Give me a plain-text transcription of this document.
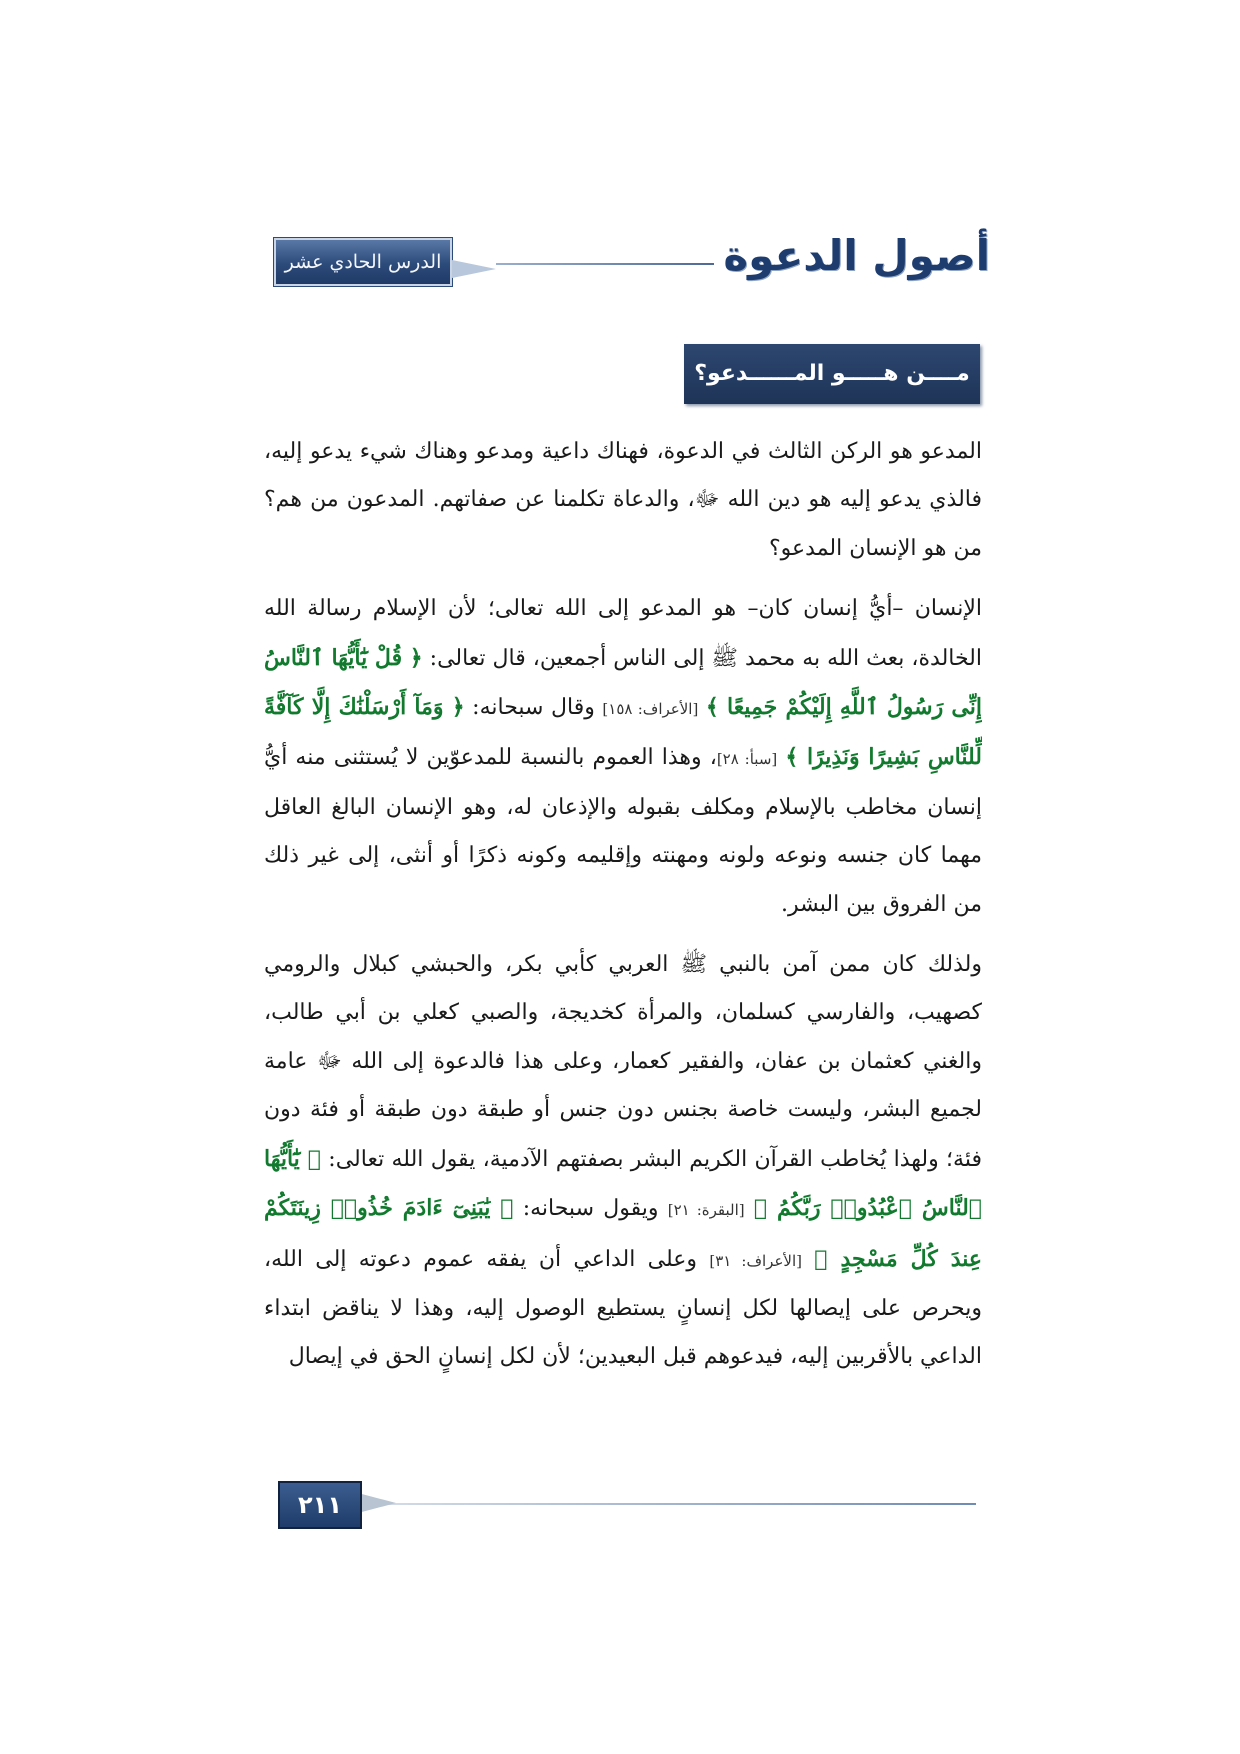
الدرس الحادي عشر	أصول الدعوة
مــــن هـــــو المــــــدعو؟

المدعو هو الركن الثالث في الدعوة، فهناك داعية ومدعو وهناك شيء يدعو إليه، فالذي يدعو إليه هو دين الله ﷻ، والدعاة تكلمنا عن صفاتهم. المدعون من هم؟ من هو الإنسان المدعو؟

الإنسان –أيُّ إنسان كان– هو المدعو إلى الله تعالى؛ لأن الإسلام رسالة الله الخالدة، بعث الله به محمد ﷺ إلى الناس أجمعين، قال تعالى: ﴿ قُلْ يَٰٓأَيُّهَا ٱلنَّاسُ إِنِّى رَسُولُ ٱللَّهِ إِلَيْكُمْ جَمِيعًا ﴾ [الأعراف: ١٥٨] وقال سبحانه: ﴿ وَمَآ أَرْسَلْنَٰكَ إِلَّا كَآفَّةً لِّلنَّاسِ بَشِيرًا وَنَذِيرًا ﴾ [سبأ: ٢٨]، وهذا العموم بالنسبة للمدعوّين لا يُستثنى منه أيُّ إنسان مخاطب بالإسلام ومكلف بقبوله والإذعان له، وهو الإنسان البالغ العاقل مهما كان جنسه ونوعه ولونه ومهنته وإقليمه وكونه ذكرًا أو أنثى، إلى غير ذلك من الفروق بين البشر.

ولذلك كان ممن آمن بالنبي ﷺ العربي كأبي بكر، والحبشي كبلال والرومي كصهيب، والفارسي كسلمان، والمرأة كخديجة، والصبي كعلي بن أبي طالب، والغني كعثمان بن عفان، والفقير كعمار، وعلى هذا فالدعوة إلى الله ﷻ عامة لجميع البشر، وليست خاصة بجنس دون جنس أو طبقة دون طبقة أو فئة دون فئة؛ ولهذا يُخاطب القرآن الكريم البشر بصفتهم الآدمية، يقول الله تعالى: ﴿ يَٰٓأَيُّهَا ٱلنَّاسُ ٱعْبُدُوا۟ رَبَّكُمُ ﴾ [البقرة: ٢١] ويقول سبحانه: ﴿ يَٰبَنِىٓ ءَادَمَ خُذُوا۟ زِينَتَكُمْ عِندَ كُلِّ مَسْجِدٍ ﴾ [الأعراف: ٣١] وعلى الداعي أن يفقه عموم دعوته إلى الله، ويحرص على إيصالها لكل إنسانٍ يستطيع الوصول إليه، وهذا لا يناقض ابتداء الداعي بالأقربين إليه، فيدعوهم قبل البعيدين؛ لأن لكل إنسانٍ الحق في إيصال

٢١١
